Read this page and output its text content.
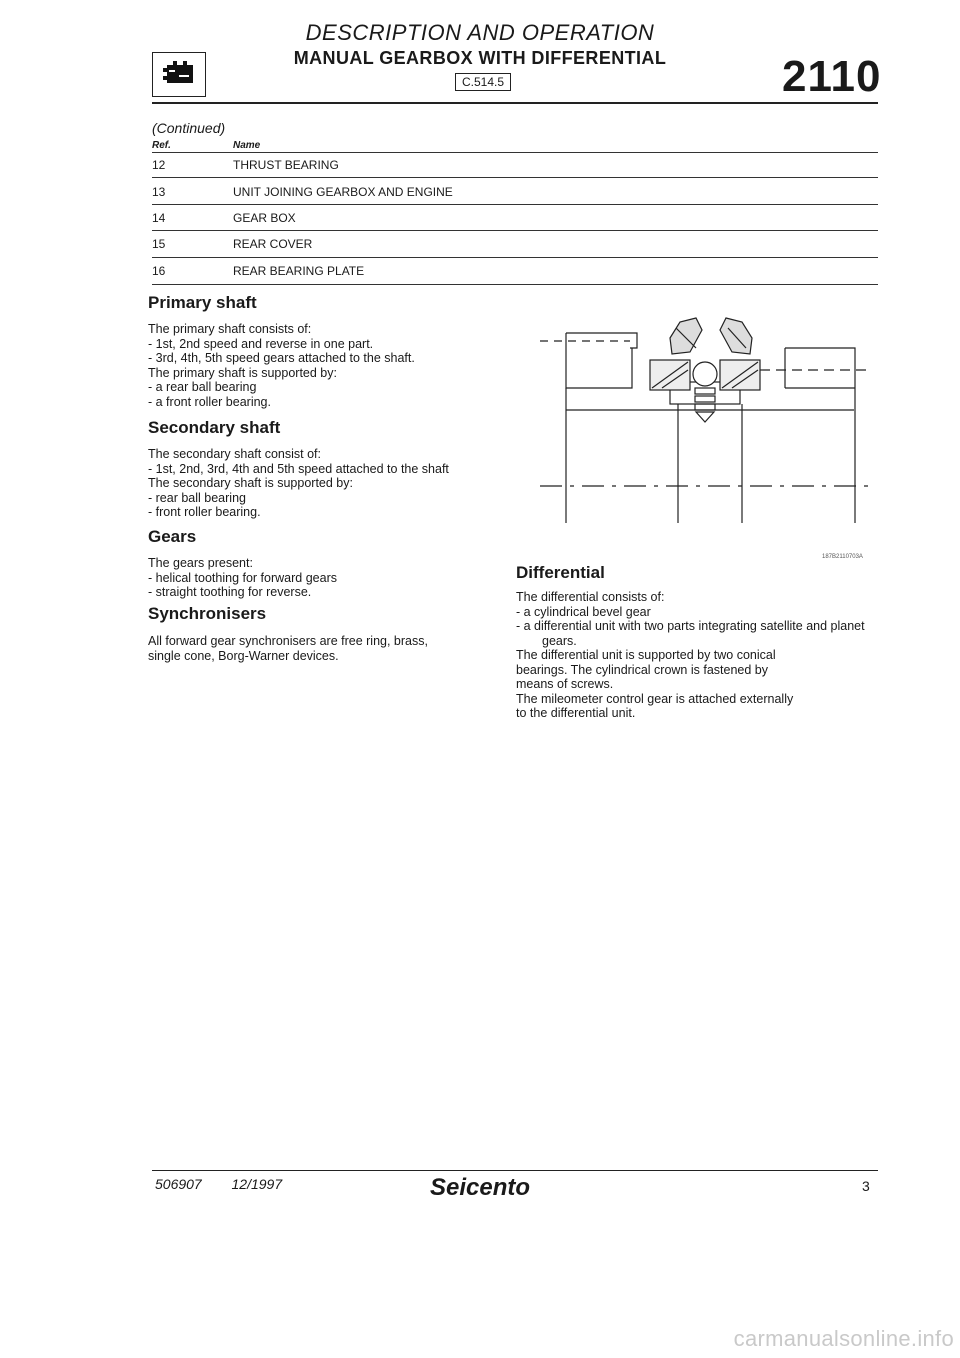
DESCRIPTION AND OPERATION
MANUAL GEARBOX WITH DIFFERENTIAL
C.514.5	2110
(Continued)
Ref.	Name
12	THRUST BEARING
13	UNIT JOINING GEARBOX AND ENGINE
14	GEAR BOX
15	REAR COVER
16	REAR BEARING PLATE
Primary shaft
The primary shaft consists of:
- 1st, 2nd speed and reverse in one part.
- 3rd, 4th, 5th speed gears attached to the shaft.
The primary shaft is supported by:
- a rear ball bearing
- a front roller bearing.
Secondary shaft
The secondary shaft consist of:
- 1st, 2nd, 3rd, 4th and 5th speed attached to the shaft
The secondary shaft is supported by:
- rear ball bearing
- front roller bearing.
Gears
The gears present:
- helical toothing for forward gears
- straight toothing for reverse.
Synchronisers
All forward gear synchronisers are free ring, brass,
single cone, Borg-Warner devices.
187B2110703A
Differential
The differential consists of:
- a cylindrical bevel gear
- a differential unit with two parts integrating satellite and planet gears.
The differential unit is supported by two conical
bearings. The cylindrical crown is fastened by
means of screws.
The mileometer control gear is attached externally
to the differential unit.
506907 12/1997	Seicento	3
carmanualsonline.info
